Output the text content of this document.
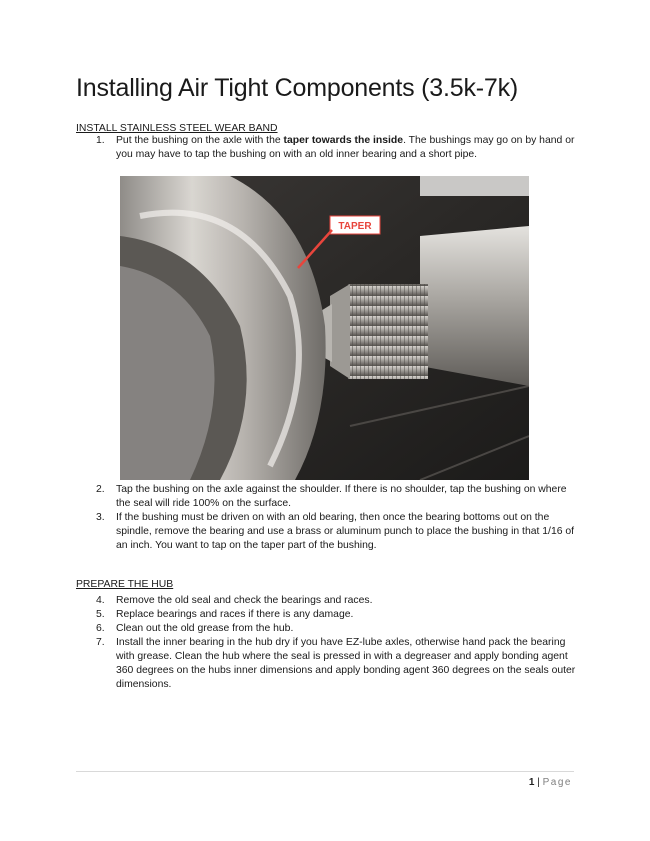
Installing Air Tight Components (3.5k-7k)

INSTALL STAINLESS STEEL WEAR BAND

1.	Put the bushing on the axle with the taper towards the inside. The bushings may go on by hand or you may have to tap the bushing on with an old inner bearing and a short pipe.
TAPER
2.	Tap the bushing on the axle against the shoulder. If there is no shoulder, tap the bushing on where the seal will ride 100% on the surface.
3.	If the bushing must be driven on with an old bearing, then once the bearing bottoms out on the spindle, remove the bearing and use a brass or aluminum punch to place the bushing in that 1/16 of an inch. You want to tap on the taper part of the bushing.

PREPARE THE HUB

4.	Remove the old seal and check the bearings and races.
5.	Replace bearings and races if there is any damage.
6.	Clean out the old grease from the hub.
7.	Install the inner bearing in the hub dry if you have EZ-lube axles, otherwise hand pack the bearing with grease. Clean the hub where the seal is pressed in with a degreaser and apply bonding agent 360 degrees on the hubs inner dimensions and apply bonding agent 360 degrees on the seals outer dimensions.
1 | Page
